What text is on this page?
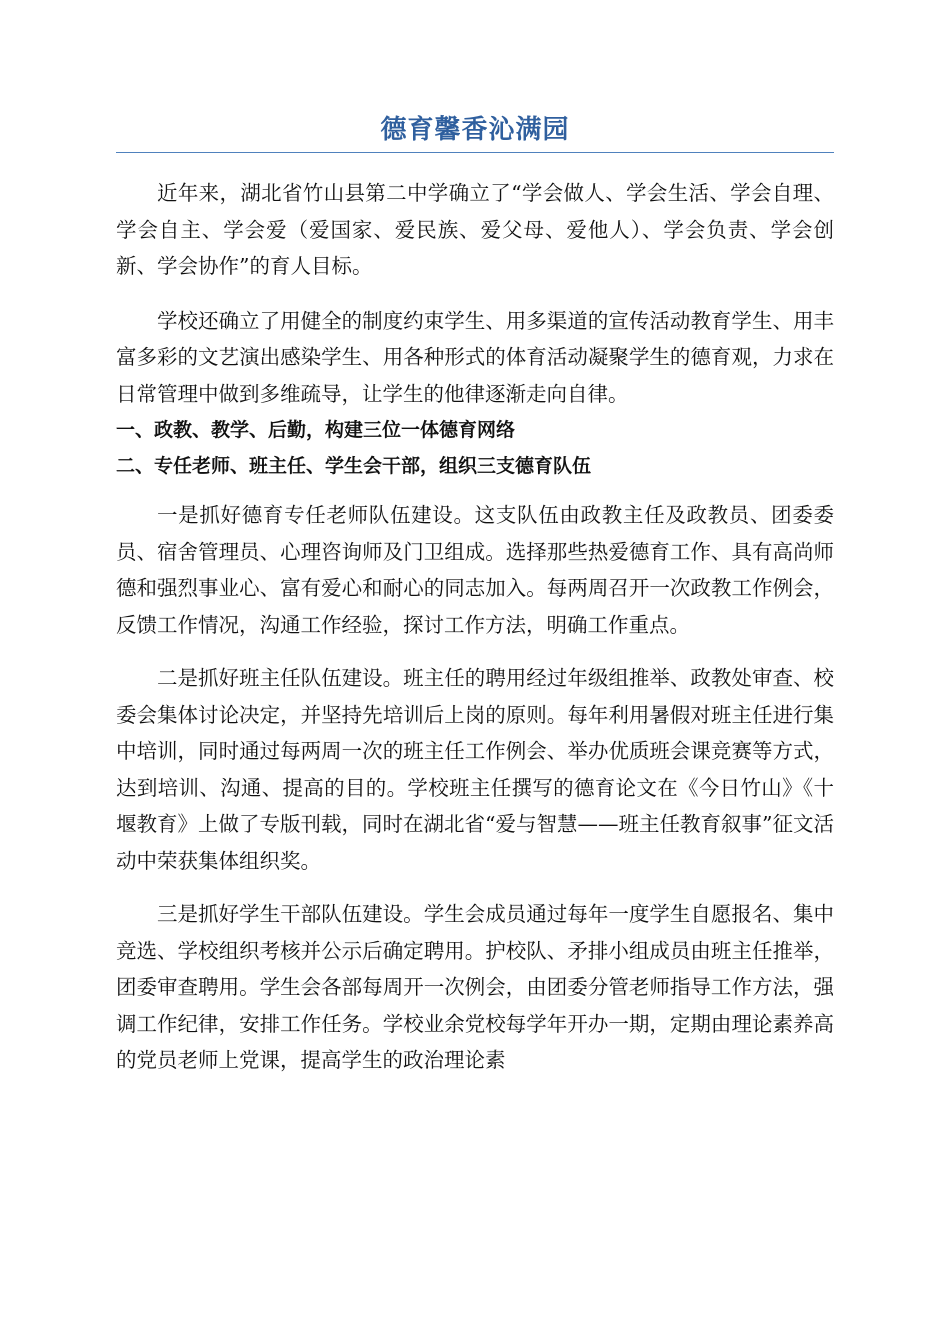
德育馨香沁满园

近年来，湖北省竹山县第二中学确立了“学会做人、学会生活、学会自理、学会自主、学会爱（爱国家、爱民族、爱父母、爱他人）、学会负责、学会创新、学会协作”的育人目标。

学校还确立了用健全的制度约束学生、用多渠道的宣传活动教育学生、用丰富多彩的文艺演出感染学生、用各种形式的体育活动凝聚学生的德育观，力求在日常管理中做到多维疏导，让学生的他律逐渐走向自律。

一、政教、教学、后勤，构建三位一体德育网络

二、专任老师、班主任、学生会干部，组织三支德育队伍

一是抓好德育专任老师队伍建设。这支队伍由政教主任及政教员、团委委员、宿舍管理员、心理咨询师及门卫组成。选择那些热爱德育工作、具有高尚师德和强烈事业心、富有爱心和耐心的同志加入。每两周召开一次政教工作例会，反馈工作情况，沟通工作经验，探讨工作方法，明确工作重点。

二是抓好班主任队伍建设。班主任的聘用经过年级组推举、政教处审查、校委会集体讨论决定，并坚持先培训后上岗的原则。每年利用暑假对班主任进行集中培训，同时通过每两周一次的班主任工作例会、举办优质班会课竞赛等方式，达到培训、沟通、提高的目的。学校班主任撰写的德育论文在《今日竹山》《十堰教育》上做了专版刊载，同时在湖北省“爱与智慧——班主任教育叙事”征文活动中荣获集体组织奖。

三是抓好学生干部队伍建设。学生会成员通过每年一度学生自愿报名、集中竞选、学校组织考核并公示后确定聘用。护校队、矛排小组成员由班主任推举，团委审查聘用。学生会各部每周开一次例会，由团委分管老师指导工作方法，强调工作纪律，安排工作任务。学校业余党校每学年开办一期，定期由理论素养高的党员老师上党课，提高学生的政治理论素
